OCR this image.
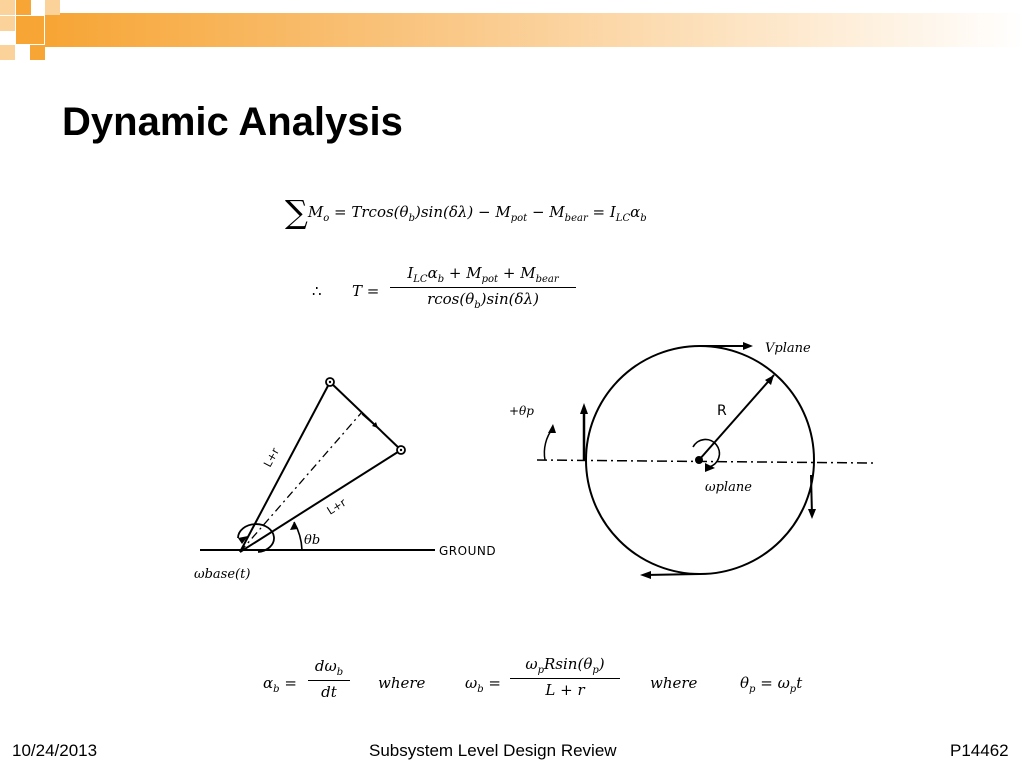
Dynamic Analysis
$\sum M_o = Trcos(\theta_b)\sin(\delta\lambda) - M_{pot} - M_{bear} = I_{LC}\alpha_b$
∴ T =
$I_{LC}\alpha_b + M_{pot} + M_{bear}$
$rcos(\theta_b)\sin(\delta\lambda)$
L+r
L+r
θb
GROUND
ωbase(t)
Vplane
R
+θp
ωplane
$\alpha_b$ =
$d\omega_b$
dt	where	$\omega_b$ =
$\omega_pRsin(\theta_p)$
L + r	where	$\theta_p = \omega_pt$
10/24/2013	Subsystem Level Design Review	P14462
